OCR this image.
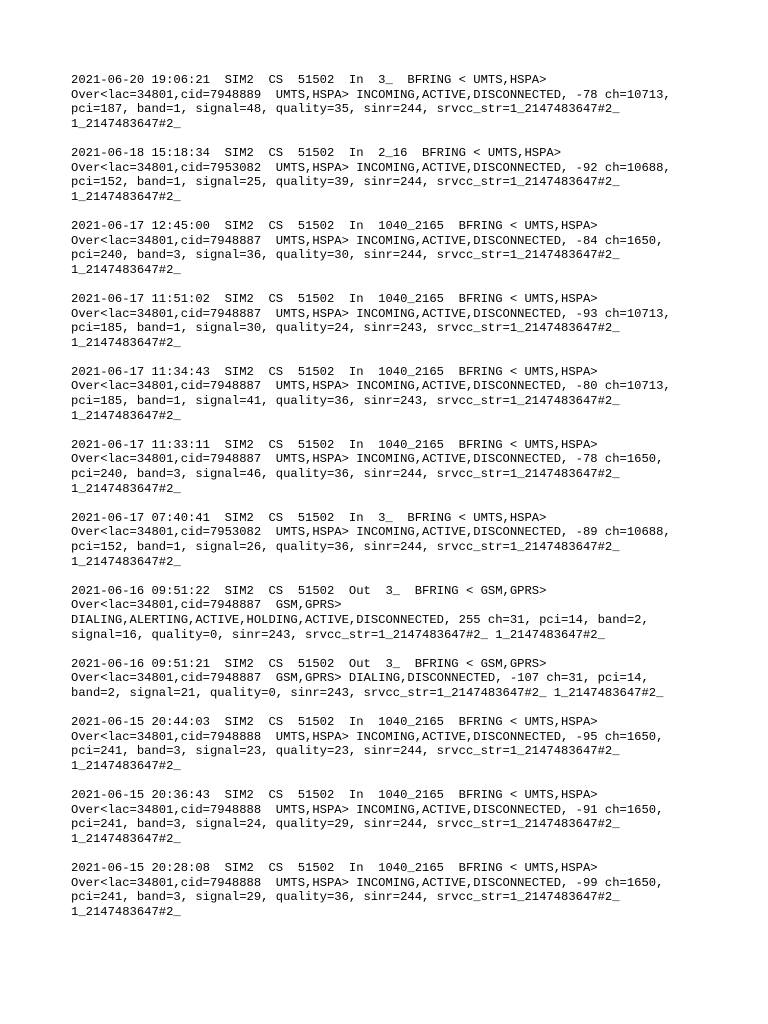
2021-06-20 19:06:21  SIM2  CS  51502  In  3_  BFRING < UMTS,HSPA>
Over<lac=34801,cid=7948889  UMTS,HSPA> INCOMING,ACTIVE,DISCONNECTED, -78 ch=10713,
pci=187, band=1, signal=48, quality=35, sinr=244, srvcc_str=1_2147483647#2_
1_2147483647#2_
2021-06-18 15:18:34  SIM2  CS  51502  In  2_16  BFRING < UMTS,HSPA>
Over<lac=34801,cid=7953082  UMTS,HSPA> INCOMING,ACTIVE,DISCONNECTED, -92 ch=10688,
pci=152, band=1, signal=25, quality=39, sinr=244, srvcc_str=1_2147483647#2_
1_2147483647#2_
2021-06-17 12:45:00  SIM2  CS  51502  In  1040_2165  BFRING < UMTS,HSPA>
Over<lac=34801,cid=7948887  UMTS,HSPA> INCOMING,ACTIVE,DISCONNECTED, -84 ch=1650,
pci=240, band=3, signal=36, quality=30, sinr=244, srvcc_str=1_2147483647#2_
1_2147483647#2_
2021-06-17 11:51:02  SIM2  CS  51502  In  1040_2165  BFRING < UMTS,HSPA>
Over<lac=34801,cid=7948887  UMTS,HSPA> INCOMING,ACTIVE,DISCONNECTED, -93 ch=10713,
pci=185, band=1, signal=30, quality=24, sinr=243, srvcc_str=1_2147483647#2_
1_2147483647#2_
2021-06-17 11:34:43  SIM2  CS  51502  In  1040_2165  BFRING < UMTS,HSPA>
Over<lac=34801,cid=7948887  UMTS,HSPA> INCOMING,ACTIVE,DISCONNECTED, -80 ch=10713,
pci=185, band=1, signal=41, quality=36, sinr=243, srvcc_str=1_2147483647#2_
1_2147483647#2_
2021-06-17 11:33:11  SIM2  CS  51502  In  1040_2165  BFRING < UMTS,HSPA>
Over<lac=34801,cid=7948887  UMTS,HSPA> INCOMING,ACTIVE,DISCONNECTED, -78 ch=1650,
pci=240, band=3, signal=46, quality=36, sinr=244, srvcc_str=1_2147483647#2_
1_2147483647#2_
2021-06-17 07:40:41  SIM2  CS  51502  In  3_  BFRING < UMTS,HSPA>
Over<lac=34801,cid=7953082  UMTS,HSPA> INCOMING,ACTIVE,DISCONNECTED, -89 ch=10688,
pci=152, band=1, signal=26, quality=36, sinr=244, srvcc_str=1_2147483647#2_
1_2147483647#2_
2021-06-16 09:51:22  SIM2  CS  51502  Out  3_  BFRING < GSM,GPRS>
Over<lac=34801,cid=7948887  GSM,GPRS>
DIALING,ALERTING,ACTIVE,HOLDING,ACTIVE,DISCONNECTED, 255 ch=31, pci=14, band=2,
signal=16, quality=0, sinr=243, srvcc_str=1_2147483647#2_ 1_2147483647#2_
2021-06-16 09:51:21  SIM2  CS  51502  Out  3_  BFRING < GSM,GPRS>
Over<lac=34801,cid=7948887  GSM,GPRS> DIALING,DISCONNECTED, -107 ch=31, pci=14,
band=2, signal=21, quality=0, sinr=243, srvcc_str=1_2147483647#2_ 1_2147483647#2_
2021-06-15 20:44:03  SIM2  CS  51502  In  1040_2165  BFRING < UMTS,HSPA>
Over<lac=34801,cid=7948888  UMTS,HSPA> INCOMING,ACTIVE,DISCONNECTED, -95 ch=1650,
pci=241, band=3, signal=23, quality=23, sinr=244, srvcc_str=1_2147483647#2_
1_2147483647#2_
2021-06-15 20:36:43  SIM2  CS  51502  In  1040_2165  BFRING < UMTS,HSPA>
Over<lac=34801,cid=7948888  UMTS,HSPA> INCOMING,ACTIVE,DISCONNECTED, -91 ch=1650,
pci=241, band=3, signal=24, quality=29, sinr=244, srvcc_str=1_2147483647#2_
1_2147483647#2_
2021-06-15 20:28:08  SIM2  CS  51502  In  1040_2165  BFRING < UMTS,HSPA>
Over<lac=34801,cid=7948888  UMTS,HSPA> INCOMING,ACTIVE,DISCONNECTED, -99 ch=1650,
pci=241, band=3, signal=29, quality=36, sinr=244, srvcc_str=1_2147483647#2_
1_2147483647#2_
